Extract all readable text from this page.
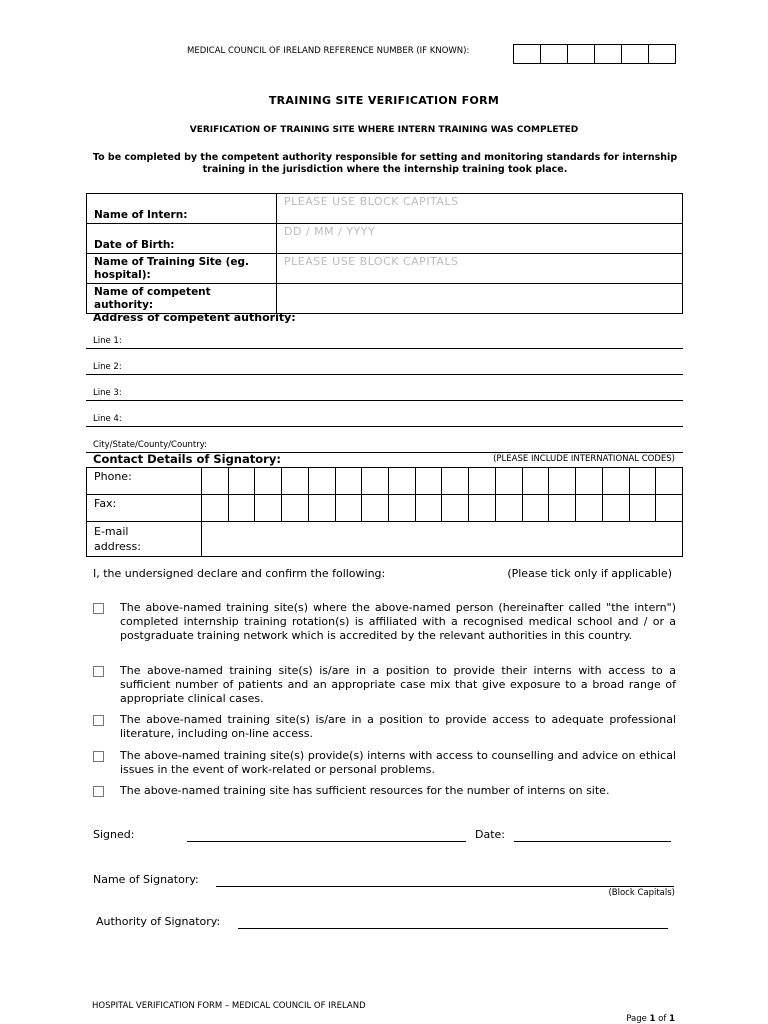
MEDICAL COUNCIL OF IRELAND REFERENCE NUMBER (IF KNOWN):
TRAINING SITE VERIFICATION FORM
VERIFICATION OF TRAINING SITE WHERE INTERN TRAINING WAS COMPLETED
To be completed by the competent authority responsible for setting and monitoring standards for internship training in the jurisdiction where the internship training took place.
Name of Intern:	PLEASE USE BLOCK CAPITALS
Date of Birth:	DD / MM / YYYY
Name of Training Site (eg. hospital):	PLEASE USE BLOCK CAPITALS
Name of competent authority:	
Address of competent authority:
Line 1:
Line 2:
Line 3:
Line 4:
City/State/County/Country:
Contact Details of Signatory:	(PLEASE INCLUDE INTERNATIONAL CODES)
Phone:																		
Fax:																		
E-mail
address:																		
I, the undersigned declare and confirm the following:	(Please tick only if applicable)
The above-named training site(s) where the above-named person (hereinafter called "the intern") completed internship training rotation(s) is affiliated with a recognised medical school and / or a postgraduate training network which is accredited by the relevant authorities in this country.
The above-named training site(s) is/are in a position to provide their interns with access to a sufficient number of patients and an appropriate case mix that give exposure to a broad range of appropriate clinical cases.
The above-named training site(s) is/are in a position to provide access to adequate professional literature, including on-line access.
The above-named training site(s) provide(s) interns with access to counselling and advice on ethical issues in the event of work-related or personal problems.
The above-named training site has sufficient resources for the number of interns on site.
Signed:	Date:
Name of Signatory:
(Block Capitals)
Authority of Signatory:
HOSPITAL VERIFICATION FORM – MEDICAL COUNCIL OF IRELAND
Page 1 of 1
